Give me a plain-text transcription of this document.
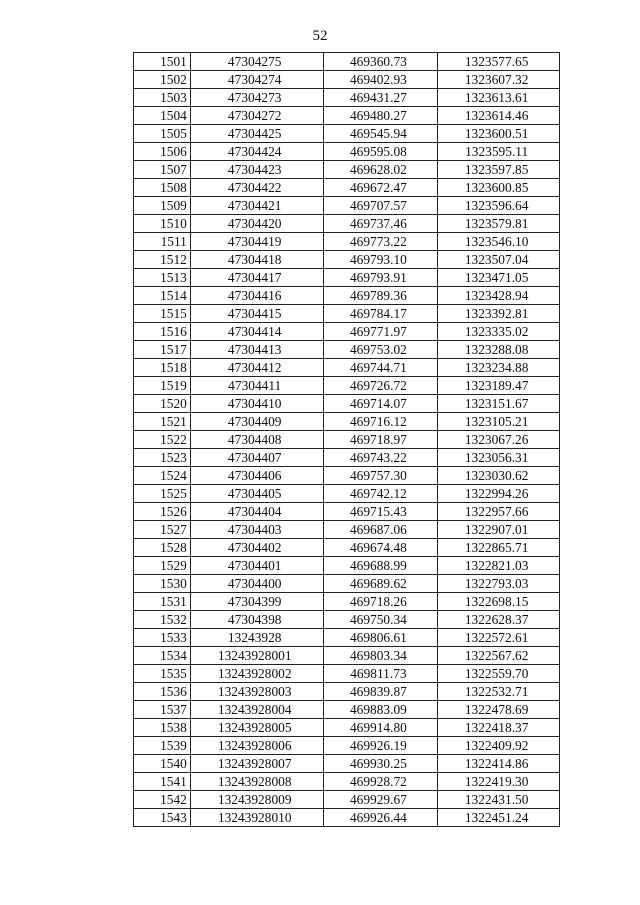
52
1501	47304275	469360.73	1323577.65
1502	47304274	469402.93	1323607.32
1503	47304273	469431.27	1323613.61
1504	47304272	469480.27	1323614.46
1505	47304425	469545.94	1323600.51
1506	47304424	469595.08	1323595.11
1507	47304423	469628.02	1323597.85
1508	47304422	469672.47	1323600.85
1509	47304421	469707.57	1323596.64
1510	47304420	469737.46	1323579.81
1511	47304419	469773.22	1323546.10
1512	47304418	469793.10	1323507.04
1513	47304417	469793.91	1323471.05
1514	47304416	469789.36	1323428.94
1515	47304415	469784.17	1323392.81
1516	47304414	469771.97	1323335.02
1517	47304413	469753.02	1323288.08
1518	47304412	469744.71	1323234.88
1519	47304411	469726.72	1323189.47
1520	47304410	469714.07	1323151.67
1521	47304409	469716.12	1323105.21
1522	47304408	469718.97	1323067.26
1523	47304407	469743.22	1323056.31
1524	47304406	469757.30	1323030.62
1525	47304405	469742.12	1322994.26
1526	47304404	469715.43	1322957.66
1527	47304403	469687.06	1322907.01
1528	47304402	469674.48	1322865.71
1529	47304401	469688.99	1322821.03
1530	47304400	469689.62	1322793.03
1531	47304399	469718.26	1322698.15
1532	47304398	469750.34	1322628.37
1533	13243928	469806.61	1322572.61
1534	13243928001	469803.34	1322567.62
1535	13243928002	469811.73	1322559.70
1536	13243928003	469839.87	1322532.71
1537	13243928004	469883.09	1322478.69
1538	13243928005	469914.80	1322418.37
1539	13243928006	469926.19	1322409.92
1540	13243928007	469930.25	1322414.86
1541	13243928008	469928.72	1322419.30
1542	13243928009	469929.67	1322431.50
1543	13243928010	469926.44	1322451.24
